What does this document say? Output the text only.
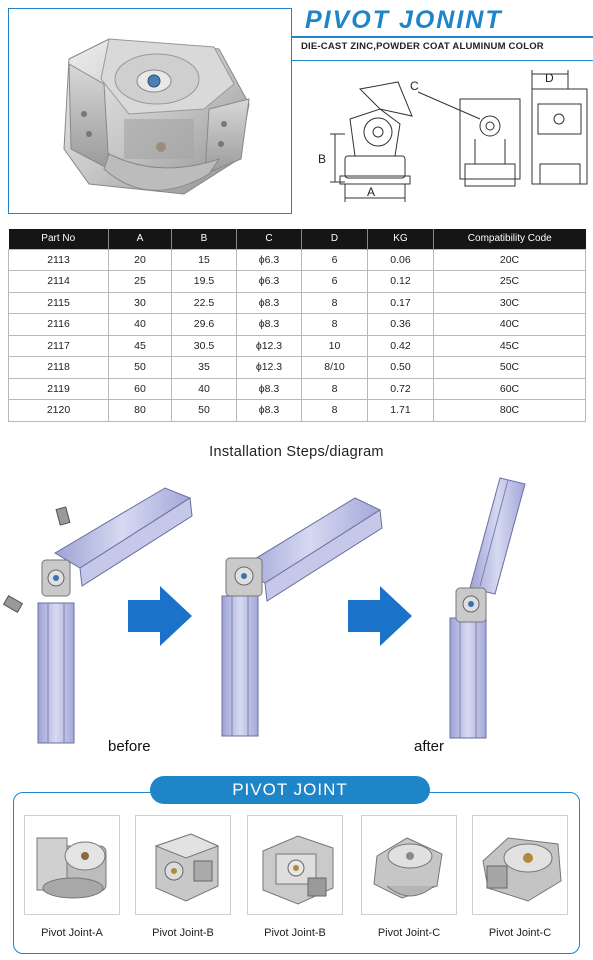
PIVOT JONINT
DIE-CAST ZINC,POWDER COAT ALUMINUM COLOR
A
B
C
D
Part No	A	B	C	D	KG	Compatibility Code
2113	20	15	ϕ6.3	6	0.06	20C
2114	25	19.5	ϕ6.3	6	0.12	25C
2115	30	22.5	ϕ8.3	8	0.17	30C
2116	40	29.6	ϕ8.3	8	0.36	40C
2117	45	30.5	ϕ12.3	10	0.42	45C
2118	50	35	ϕ12.3	8/10	0.50	50C
2119	60	40	ϕ8.3	8	0.72	60C
2120	80	50	ϕ8.3	8	1.71	80C
Installation Steps/diagram
before	after
PIVOT JOINT
Pivot Joint-A	Pivot Joint-B	Pivot Joint-B	Pivot Joint-C	Pivot Joint-C
